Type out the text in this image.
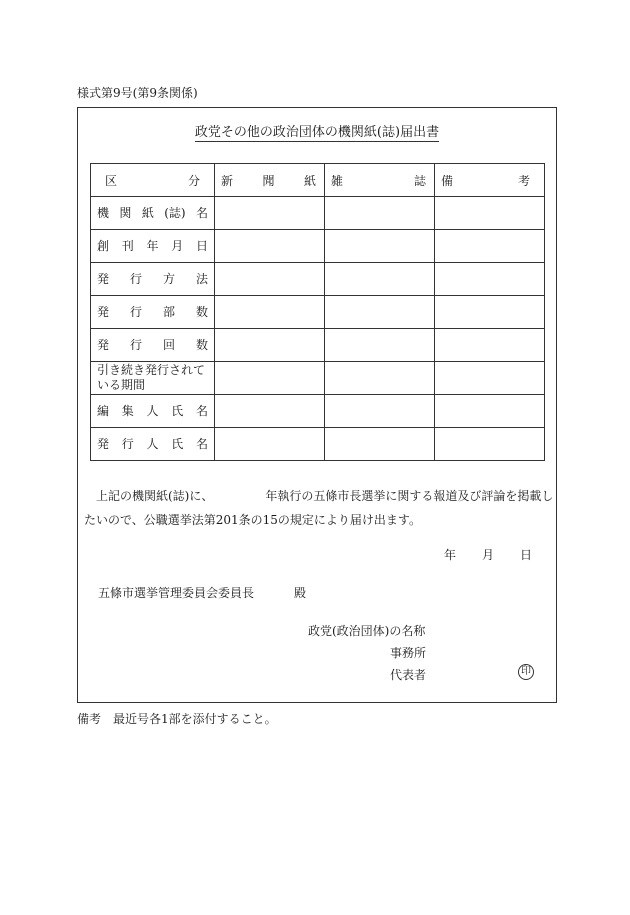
様式第9号(第9条関係)
政党その他の政治団体の機関紙(誌)届出書
区 分	新 聞 紙	雑 誌	備 考

機 関 紙 (誌) 名			

創 刊 年 月 日			

発 行 方 法			

発 行 部 数			

発 行 回 数			

引き続き発行されている期間			

編 集 人 氏 名			

発 行 人 氏 名			

上記の機関紙(誌)に、	年執行の五條市長選挙に関する報道及び評論を掲載し
たいので、公職選挙法第201条の15の規定により届け出ます。
年 月 日
五條市選挙管理委員会委員長	殿
政党(政治団体)の名称
事務所
代表者	印
備考 最近号各1部を添付すること。
